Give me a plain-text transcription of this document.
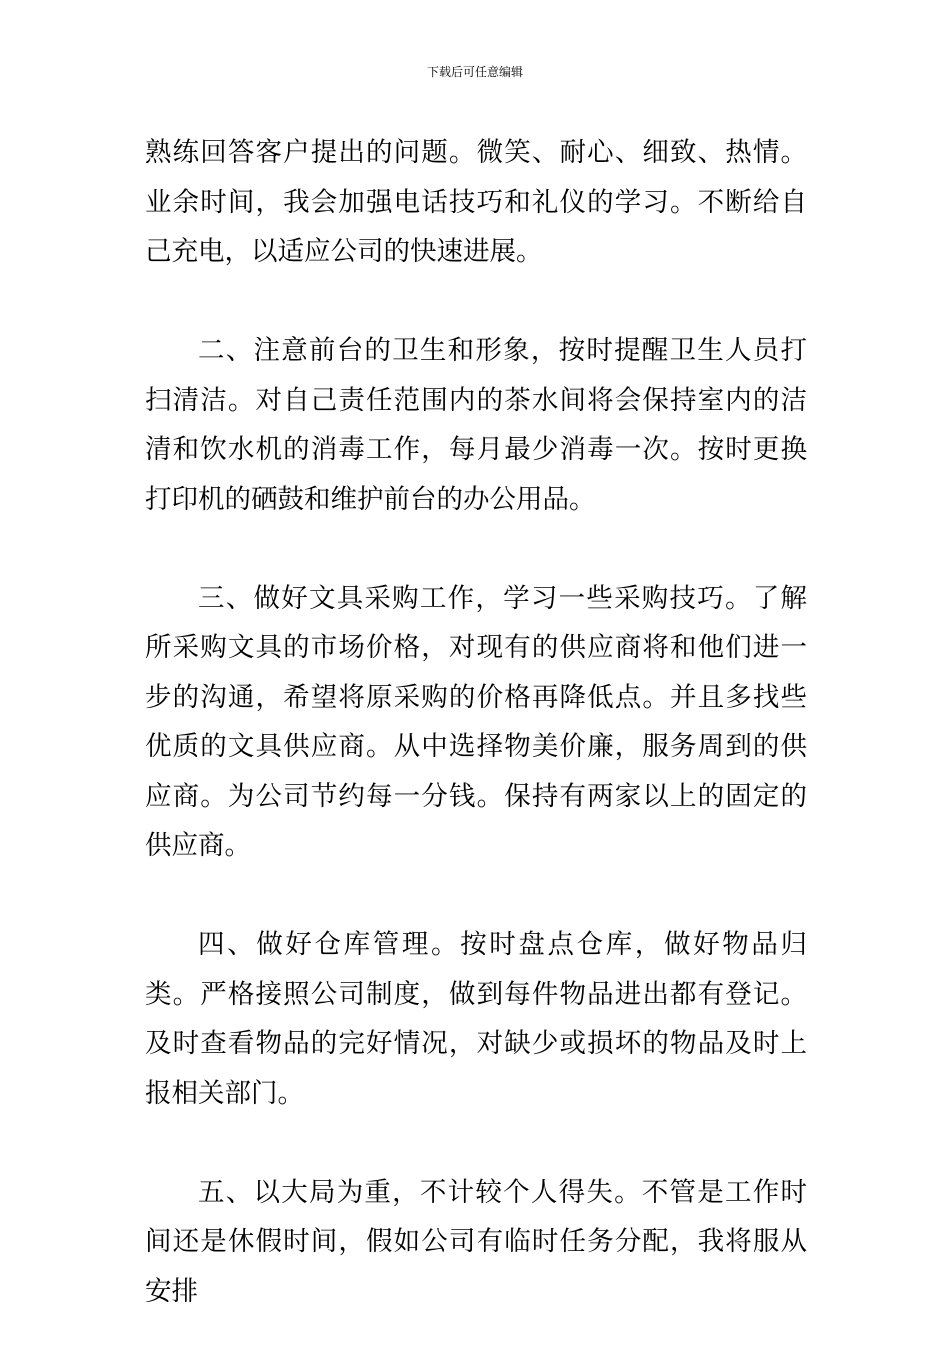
下载后可任意编辑

熟练回答客户提出的问题。微笑、耐心、细致、热情。业余时间，我会加强电话技巧和礼仪的学习。不断给自己充电，以适应公司的快速进展。

二、注意前台的卫生和形象，按时提醒卫生人员打扫清洁。对自己责任范围内的茶水间将会保持室内的洁清和饮水机的消毒工作，每月最少消毒一次。按时更换打印机的硒鼓和维护前台的办公用品。

三、做好文具采购工作，学习一些采购技巧。了解所采购文具的市场价格，对现有的供应商将和他们进一步的沟通，希望将原采购的价格再降低点。并且多找些优质的文具供应商。从中选择物美价廉，服务周到的供应商。为公司节约每一分钱。保持有两家以上的固定的供应商。

四、做好仓库管理。按时盘点仓库，做好物品归类。严格接照公司制度，做到每件物品进出都有登记。及时查看物品的完好情况，对缺少或损坏的物品及时上报相关部门。

五、以大局为重，不计较个人得失。不管是工作时间还是休假时间，假如公司有临时任务分配，我将服从安排
